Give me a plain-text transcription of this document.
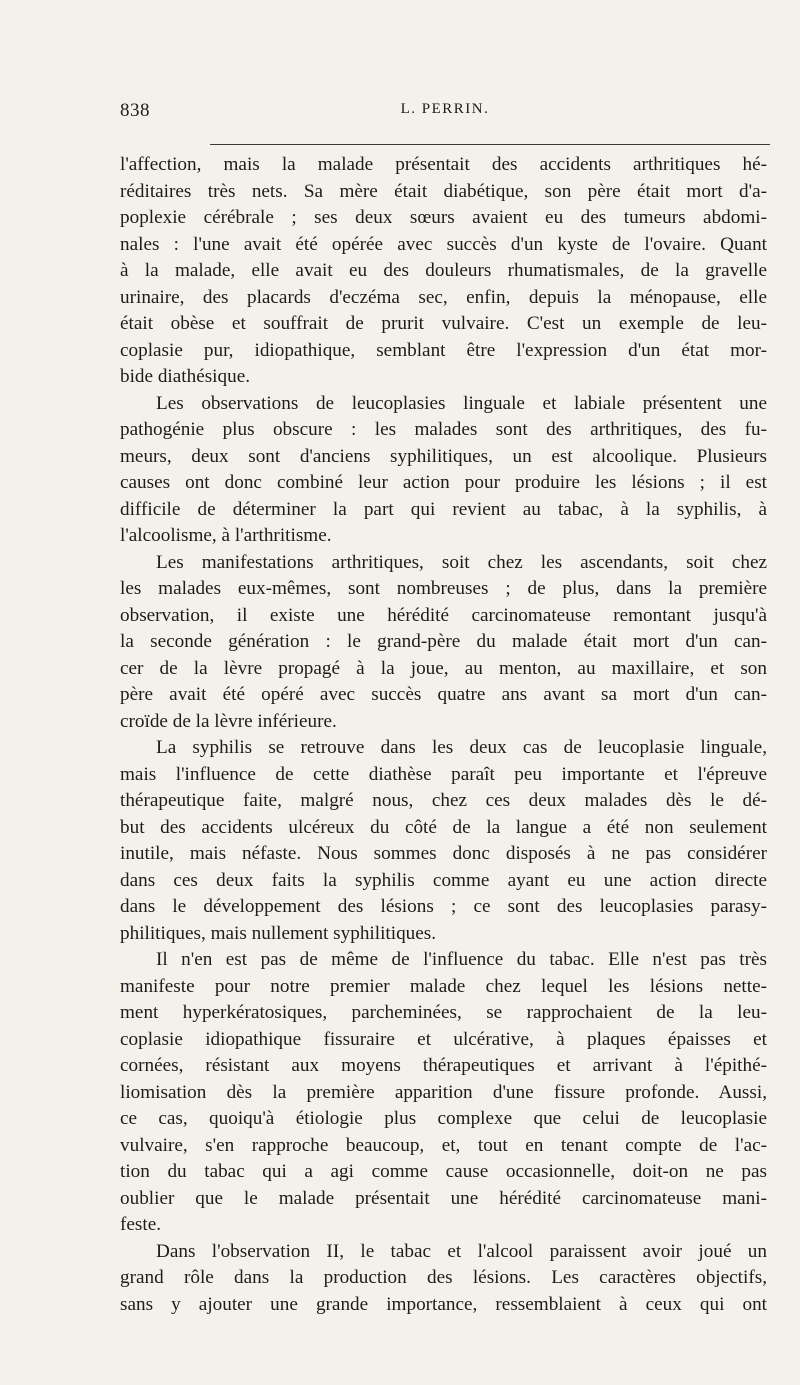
838	L. PERRIN.
l'affection, mais la malade présentait des accidents arthritiques hé-
réditaires très nets. Sa mère était diabétique, son père était mort d'a-
poplexie cérébrale ; ses deux sœurs avaient eu des tumeurs abdomi-
nales : l'une avait été opérée avec succès d'un kyste de l'ovaire. Quant
à la malade, elle avait eu des douleurs rhumatismales, de la gravelle
urinaire, des placards d'eczéma sec, enfin, depuis la ménopause, elle
était obèse et souffrait de prurit vulvaire. C'est un exemple de leu-
coplasie pur, idiopathique, semblant être l'expression d'un état mor-
bide diathésique.
Les observations de leucoplasies linguale et labiale présentent une
pathogénie plus obscure : les malades sont des arthritiques, des fu-
meurs, deux sont d'anciens syphilitiques, un est alcoolique. Plusieurs
causes ont donc combiné leur action pour produire les lésions ; il est
difficile de déterminer la part qui revient au tabac, à la syphilis, à
l'alcoolisme, à l'arthritisme.
Les manifestations arthritiques, soit chez les ascendants, soit chez
les malades eux-mêmes, sont nombreuses ; de plus, dans la première
observation, il existe une hérédité carcinomateuse remontant jusqu'à
la seconde génération : le grand-père du malade était mort d'un can-
cer de la lèvre propagé à la joue, au menton, au maxillaire, et son
père avait été opéré avec succès quatre ans avant sa mort d'un can-
croïde de la lèvre inférieure.
La syphilis se retrouve dans les deux cas de leucoplasie linguale,
mais l'influence de cette diathèse paraît peu importante et l'épreuve
thérapeutique faite, malgré nous, chez ces deux malades dès le dé-
but des accidents ulcéreux du côté de la langue a été non seulement
inutile, mais néfaste. Nous sommes donc disposés à ne pas considérer
dans ces deux faits la syphilis comme ayant eu une action directe
dans le développement des lésions ; ce sont des leucoplasies parasy-
philitiques, mais nullement syphilitiques.
Il n'en est pas de même de l'influence du tabac. Elle n'est pas très
manifeste pour notre premier malade chez lequel les lésions nette-
ment hyperkératosiques, parcheminées, se rapprochaient de la leu-
coplasie idiopathique fissuraire et ulcérative, à plaques épaisses et
cornées, résistant aux moyens thérapeutiques et arrivant à l'épithé-
liomisation dès la première apparition d'une fissure profonde. Aussi,
ce cas, quoiqu'à étiologie plus complexe que celui de leucoplasie
vulvaire, s'en rapproche beaucoup, et, tout en tenant compte de l'ac-
tion du tabac qui a agi comme cause occasionnelle, doit-on ne pas
oublier que le malade présentait une hérédité carcinomateuse mani-
feste.
Dans l'observation II, le tabac et l'alcool paraissent avoir joué un
grand rôle dans la production des lésions. Les caractères objectifs,
sans y ajouter une grande importance, ressemblaient à ceux qui ont
